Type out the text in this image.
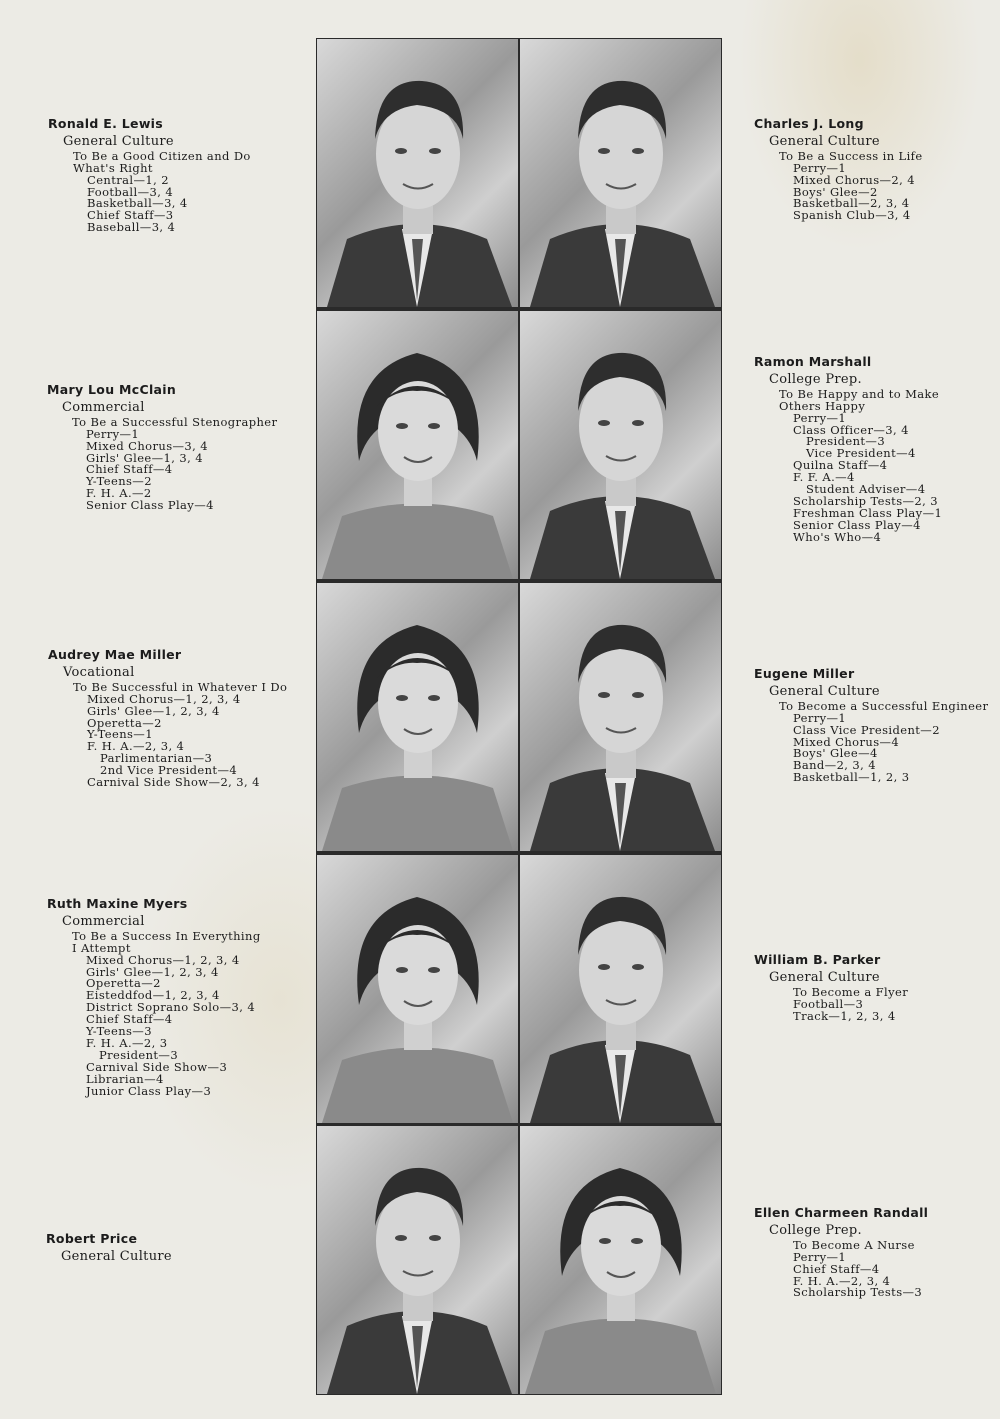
Ronald E. Lewis
General Culture
To Be a Good Citizen and Do
What's Right
Central—1, 2
Football—3, 4
Basketball—3, 4
Chief Staff—3
Baseball—3, 4
Mary Lou McClain
Commercial
To Be a Successful Stenographer
Perry—1
Mixed Chorus—3, 4
Girls' Glee—1, 3, 4
Chief Staff—4
Y-Teens—2
F. H. A.—2
Senior Class Play—4
Audrey Mae Miller
Vocational
To Be Successful in Whatever I Do
Mixed Chorus—1, 2, 3, 4
Girls' Glee—1, 2, 3, 4
Operetta—2
Y-Teens—1
F. H. A.—2, 3, 4
Parlimentarian—3
2nd Vice President—4
Carnival Side Show—2, 3, 4
Ruth Maxine Myers
Commercial
To Be a Success In Everything
I Attempt
Mixed Chorus—1, 2, 3, 4
Girls' Glee—1, 2, 3, 4
Operetta—2
Eisteddfod—1, 2, 3, 4
District Soprano Solo—3, 4
Chief Staff—4
Y-Teens—3
F. H. A.—2, 3
President—3
Carnival Side Show—3
Librarian—4
Junior Class Play—3
Robert Price
General Culture
Charles J. Long
General Culture
To Be a Success in Life
Perry—1
Mixed Chorus—2, 4
Boys' Glee—2
Basketball—2, 3, 4
Spanish Club—3, 4
Ramon Marshall
College Prep.
To Be Happy and to Make
Others Happy
Perry—1
Class Officer—3, 4
President—3
Vice President—4
Quilna Staff—4
F. F. A.—4
Student Adviser—4
Scholarship Tests—2, 3
Freshman Class Play—1
Senior Class Play—4
Who's Who—4
Eugene Miller
General Culture
To Become a Successful Engineer
Perry—1
Class Vice President—2
Mixed Chorus—4
Boys' Glee—4
Band—2, 3, 4
Basketball—1, 2, 3
William B. Parker
General Culture
To Become a Flyer
Football—3
Track—1, 2, 3, 4
Ellen Charmeen Randall
College Prep.
To Become A Nurse
Perry—1
Chief Staff—4
F. H. A.—2, 3, 4
Scholarship Tests—3
